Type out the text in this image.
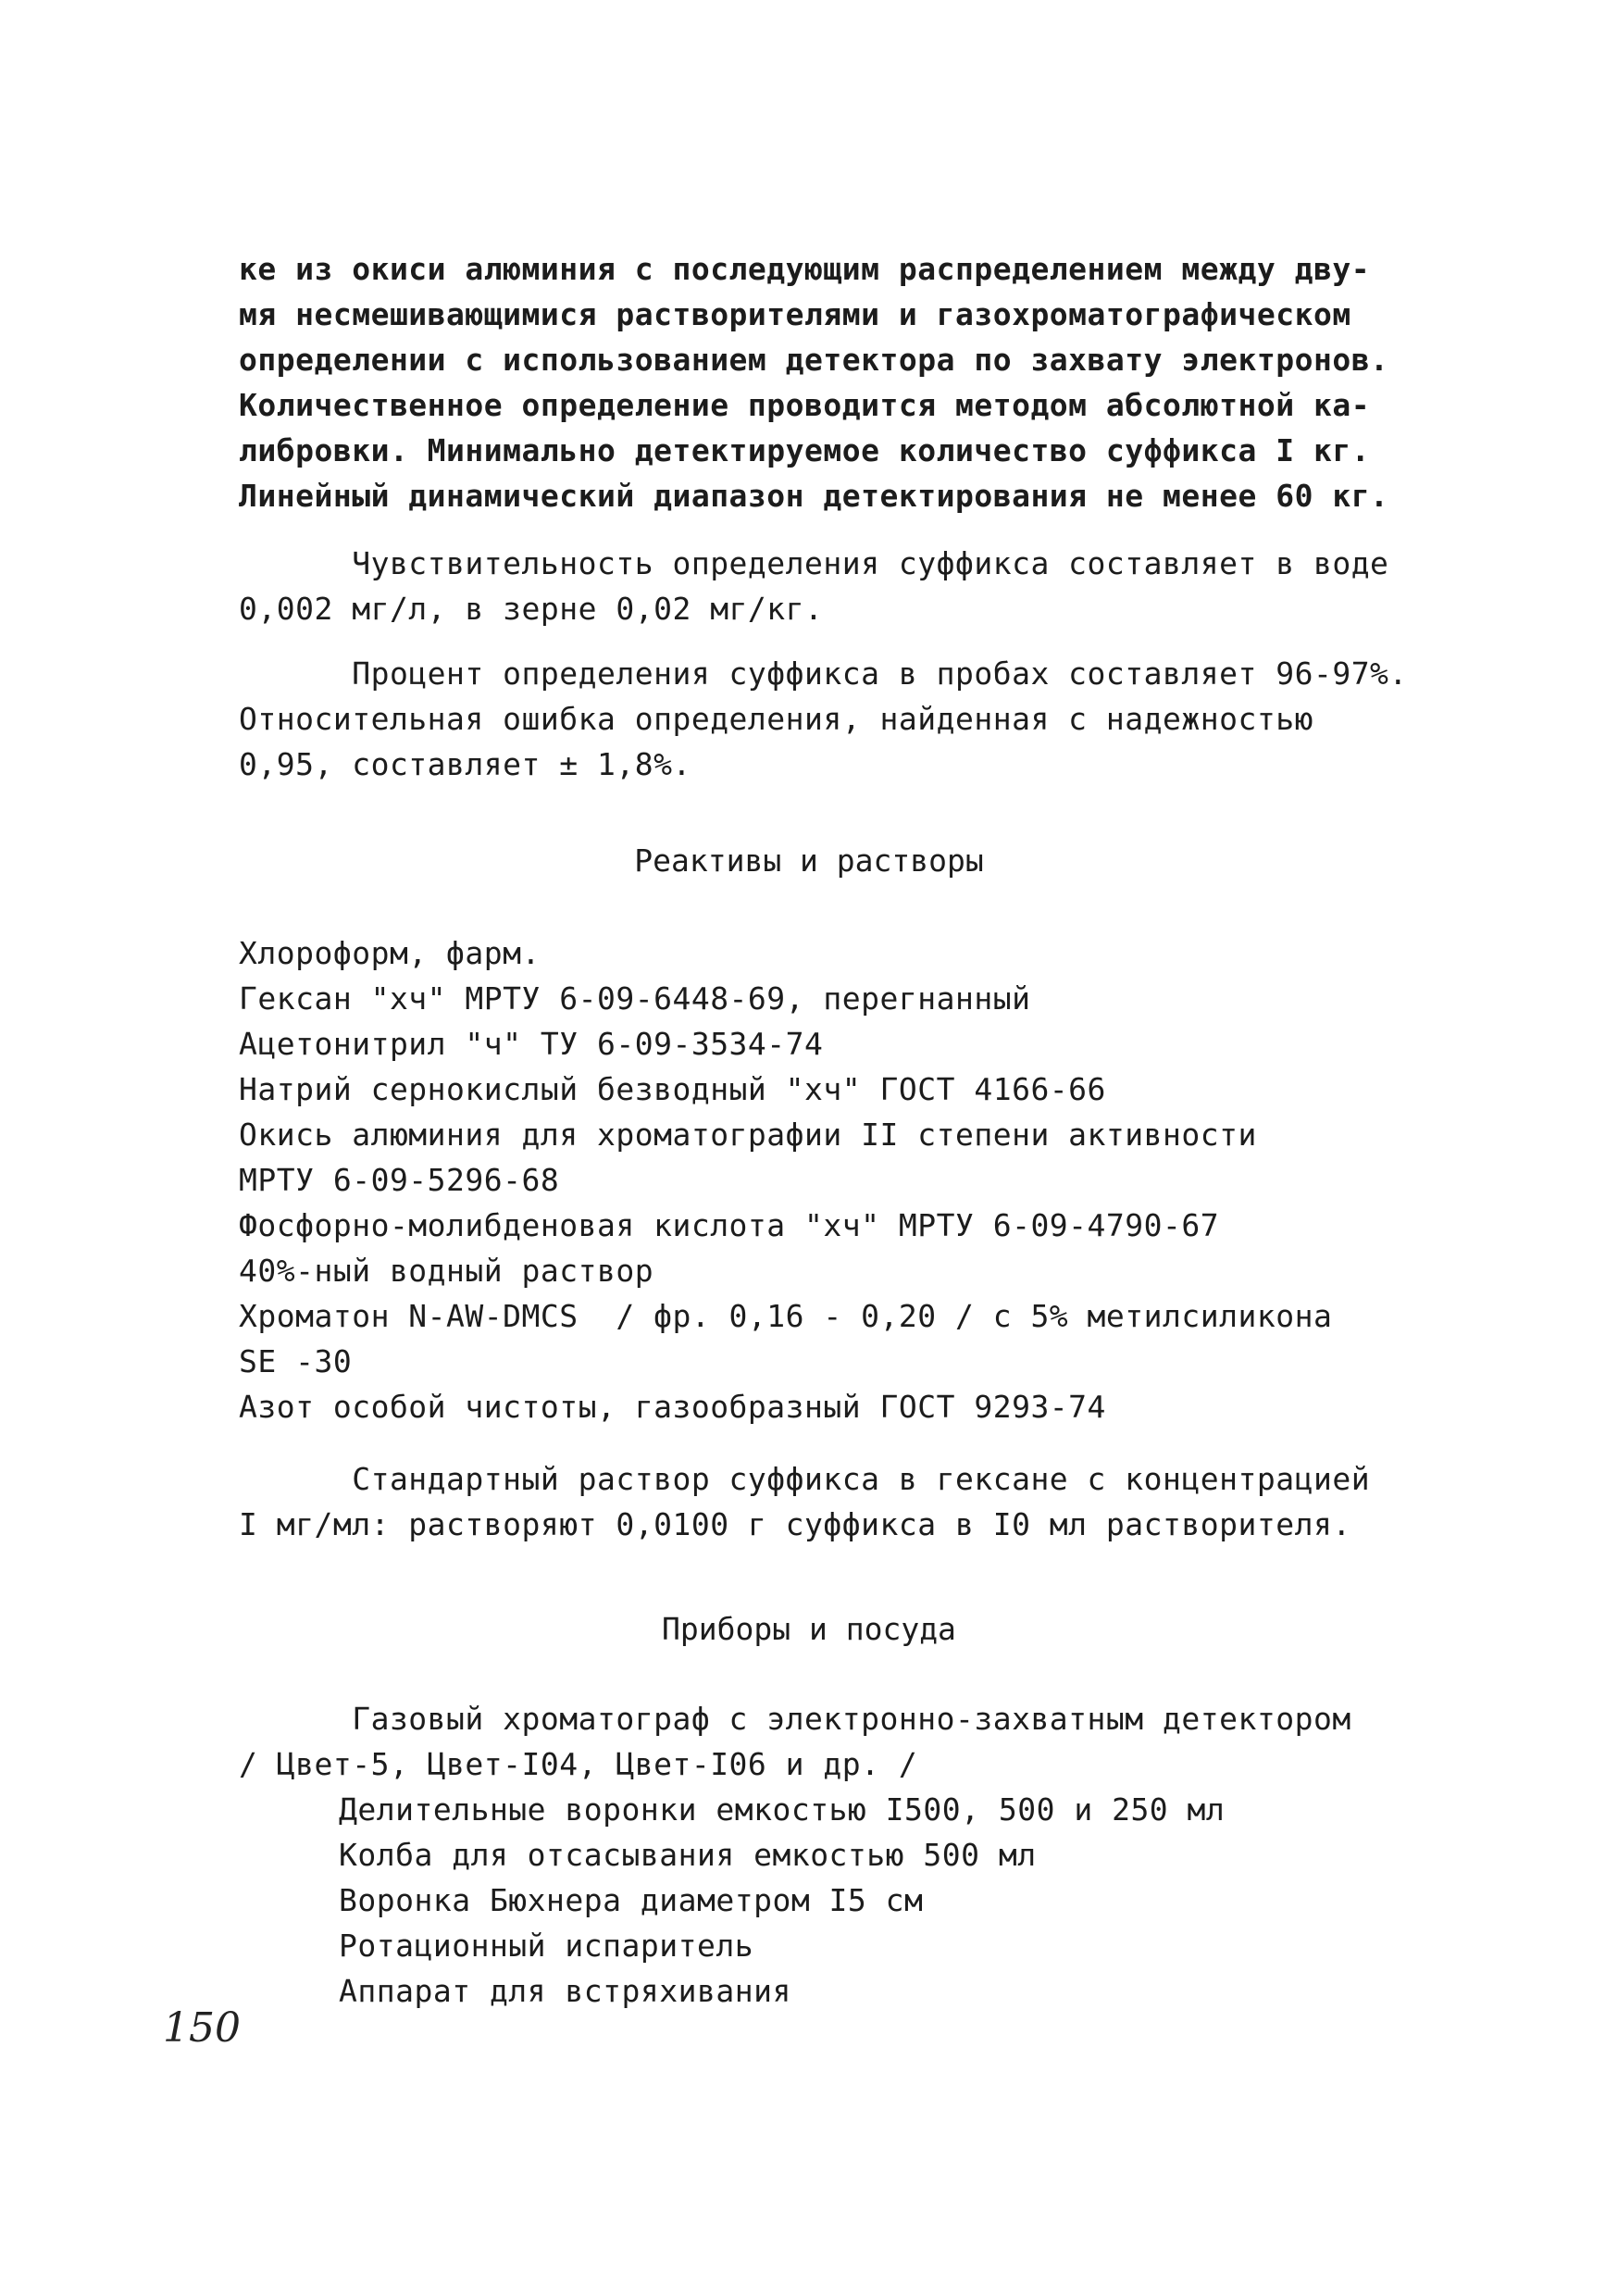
ке из окиси алюминия с последующим распределением между дву-
мя несмешивающимися растворителями и газохроматографическом
определении с использованием детектора по захвату электронов.
Количественное определение проводится методом абсолютной ка-
либровки. Минимально детектируемое количество суффикса I кг.
Линейный динамический диапазон детектирования не менее 60 кг.
Чувствительность определения суффикса составляет в воде
0,002 мг/л, в зерне 0,02 мг/кг.
Процент определения суффикса в пробах составляет 96-97%.
Относительная ошибка определения, найденная с надежностью
0,95, составляет ± 1,8%.
Реактивы и растворы
Хлороформ, фарм.
Гексан "хч" МРТУ 6-09-6448-69, перегнанный
Ацетонитрил "ч" ТУ 6-09-3534-74
Натрий сернокислый безводный "хч" ГОСТ 4166-66
Окись алюминия для хроматографии II степени активности
МРТУ 6-09-5296-68
Фосфорно-молибденовая кислота "хч" МРТУ 6-09-4790-67
40%-ный водный раствор
Хроматон N-AW-DMCS  / фр. 0,16 - 0,20 / с 5% метилсиликона
SE -30
Азот особой чистоты, газообразный ГОСТ 9293-74
Стандартный раствор суффикса в гексане с концентрацией
I мг/мл: растворяют 0,0100 г суффикса в I0 мл растворителя.
Приборы и посуда
Газовый хроматограф с электронно-захватным детектором
/ Цвет-5, Цвет-I04, Цвет-I06 и др. /
Делительные воронки емкостью I500, 500 и 250 мл
Колба для отсасывания емкостью 500 мл
Воронка Бюхнера диаметром I5 см
Ротационный испаритель
Аппарат для встряхивания
150
